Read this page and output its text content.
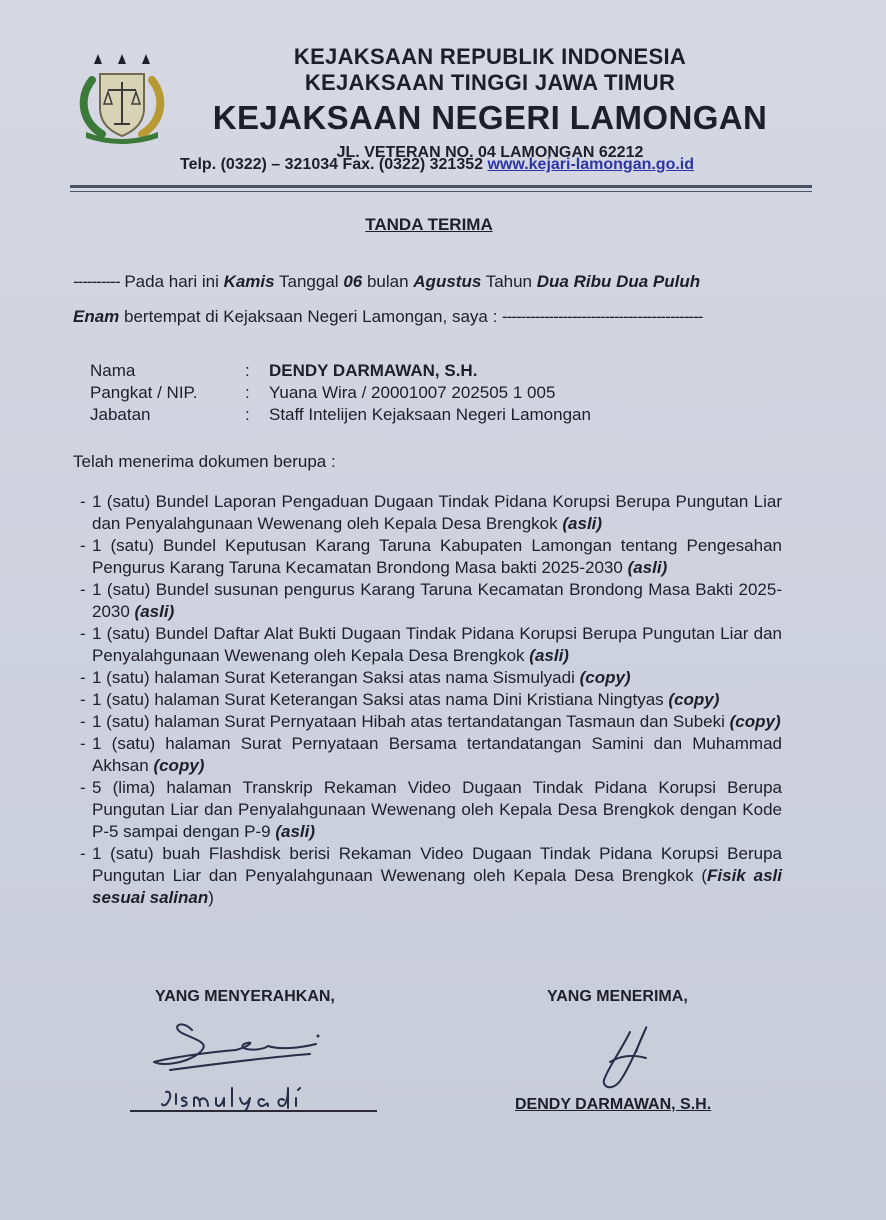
KEJAKSAAN REPUBLIK INDONESIA
KEJAKSAAN TINGGI JAWA TIMUR
KEJAKSAAN NEGERI LAMONGAN
JL. VETERAN NO. 04 LAMONGAN 62212
Telp. (0322) – 321034 Fax. (0322) 321352 www.kejari-lamongan.go.id
TANDA TERIMA
---------- Pada hari ini Kamis Tanggal 06 bulan Agustus Tahun Dua Ribu Dua Puluh
Enam bertempat di Kejaksaan Negeri Lamongan, saya : -------------------------------------------
Nama	:	DENDY DARMAWAN, S.H.
Pangkat / NIP.	:	Yuana Wira / 20001007 202505 1 005
Jabatan	:	Staff Intelijen Kejaksaan Negeri Lamongan
Telah menerima dokumen berupa :
- 1 (satu) Bundel Laporan Pengaduan Dugaan Tindak Pidana Korupsi Berupa Pungutan Liar dan Penyalahgunaan Wewenang oleh Kepala Desa Brengkok (asli)
- 1 (satu) Bundel Keputusan Karang Taruna Kabupaten Lamongan tentang Pengesahan Pengurus Karang Taruna Kecamatan Brondong Masa bakti 2025-2030 (asli)
- 1 (satu) Bundel susunan pengurus Karang Taruna Kecamatan Brondong Masa Bakti 2025-2030 (asli)
- 1 (satu) Bundel Daftar Alat Bukti Dugaan Tindak Pidana Korupsi Berupa Pungutan Liar dan Penyalahgunaan Wewenang oleh Kepala Desa Brengkok (asli)
- 1 (satu) halaman Surat Keterangan Saksi atas nama Sismulyadi (copy)
- 1 (satu) halaman Surat Keterangan Saksi atas nama Dini Kristiana Ningtyas (copy)
- 1 (satu) halaman Surat Pernyataan Hibah atas tertandatangan Tasmaun dan Subeki (copy)
- 1 (satu) halaman Surat Pernyataan Bersama tertandatangan Samini dan Muhammad Akhsan (copy)
- 5 (lima) halaman Transkrip Rekaman Video Dugaan Tindak Pidana Korupsi Berupa Pungutan Liar dan Penyalahgunaan Wewenang oleh Kepala Desa Brengkok dengan Kode P-5 sampai dengan P-9 (asli)
- 1 (satu) buah Flashdisk berisi Rekaman Video Dugaan Tindak Pidana Korupsi Berupa Pungutan Liar dan Penyalahgunaan Wewenang oleh Kepala Desa Brengkok (Fisik asli sesuai salinan)
YANG MENYERAHKAN,	YANG MENERIMA,
DENDY DARMAWAN, S.H.
